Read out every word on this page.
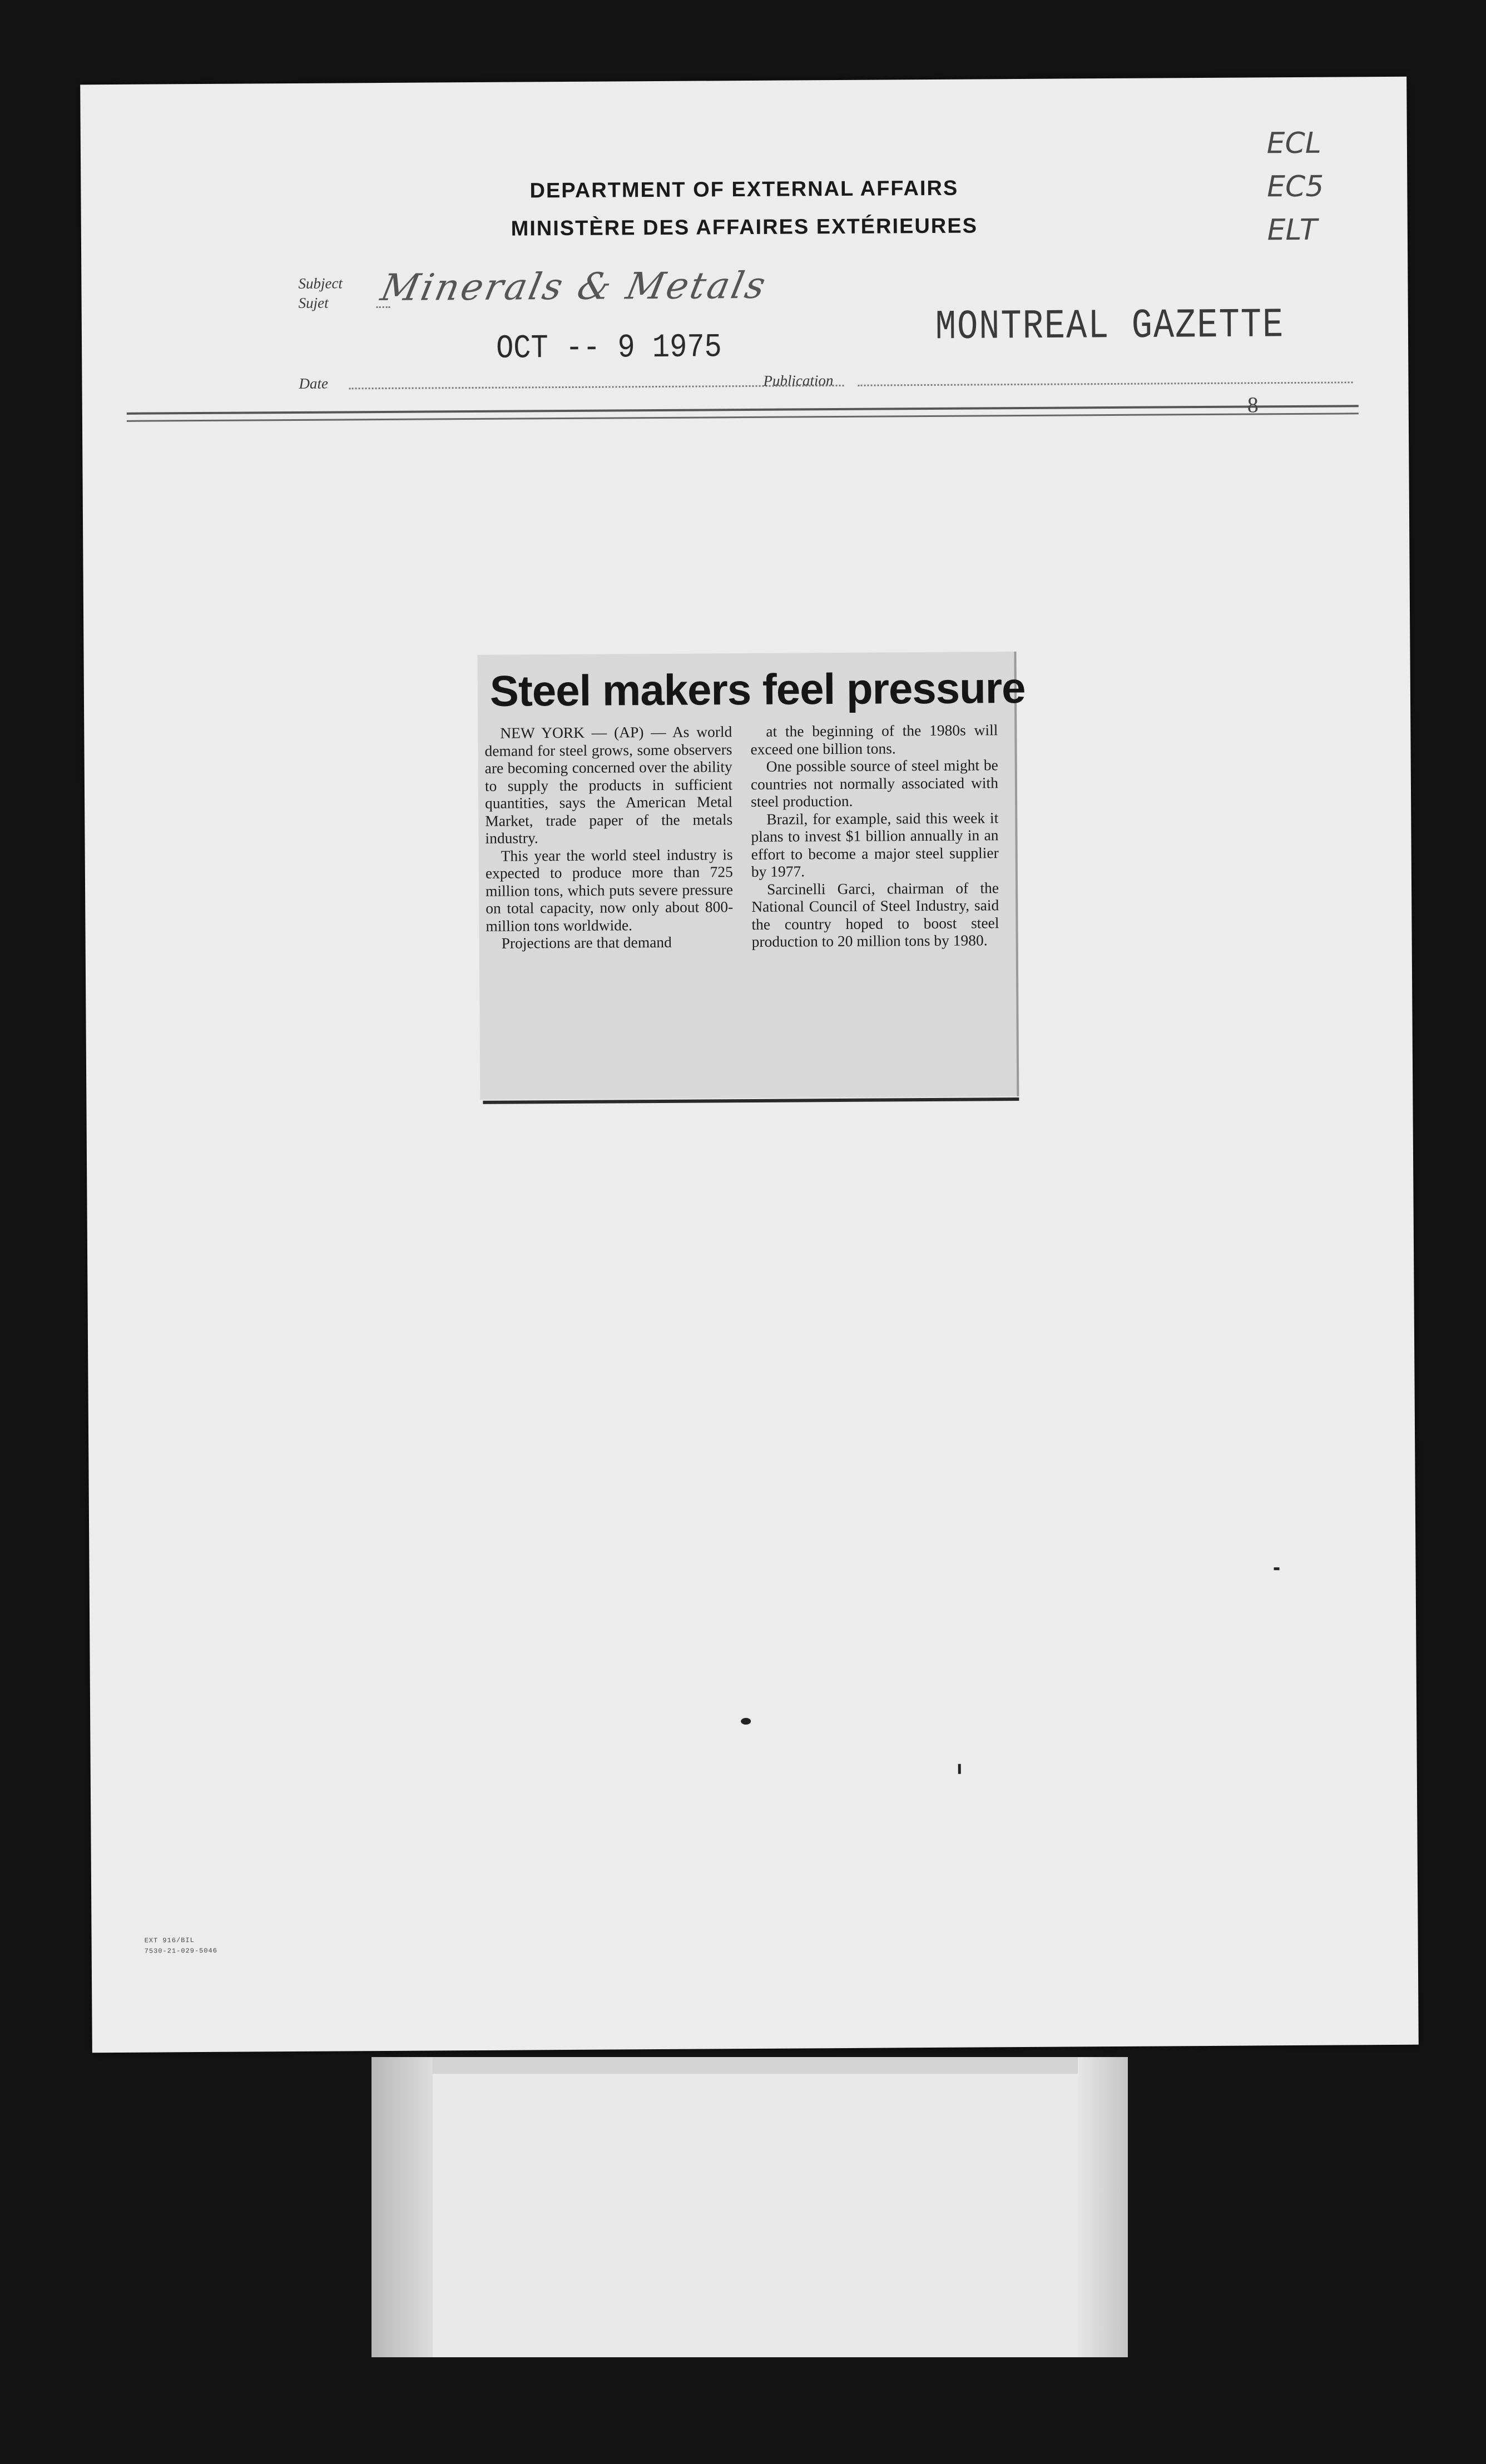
DEPARTMENT OF EXTERNAL AFFAIRS
MINISTÈRE DES AFFAIRES EXTÉRIEURES
ECL
EC5
ELT
Subject
Sujet Minerals & Metals
OCT -- 9 1975	MONTREAL GAZETTE
Date	Publication
8
Steel makers feel pressure

NEW YORK — (AP) — As world demand for steel grows, some observers are becoming concerned over the ability to supply the products in sufficient quantities, says the American Metal Market, trade paper of the metals industry.

This year the world steel industry is expected to produce more than 725 million tons, which puts severe pressure on total capacity, now only about 800-million tons worldwide.

Projections are that demand

at the beginning of the 1980s will exceed one billion tons.

One possible source of steel might be countries not normally associated with steel production.

Brazil, for example, said this week it plans to invest $1 billion annually in an effort to become a major steel supplier by 1977.

Sarcinelli Garci, chairman of the National Council of Steel Industry, said the country hoped to boost steel production to 20 million tons by 1980.

EXT 916/BIL
7530-21-029-5046
